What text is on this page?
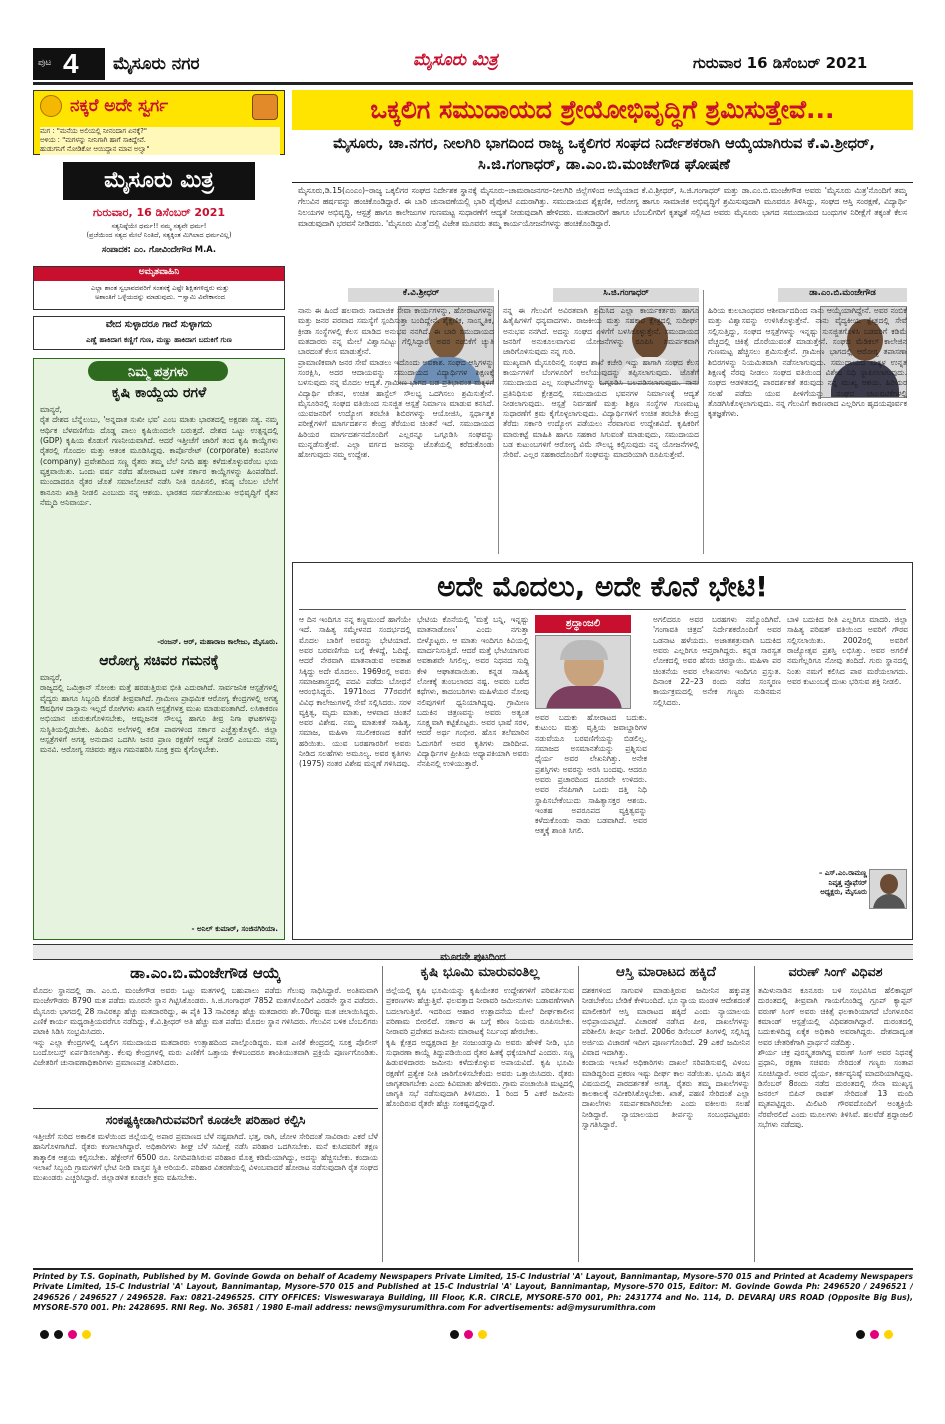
ಪುಟ 4 ಮೈಸೂರು ನಗರ	ಮೈಸೂರು ಮಿತ್ರ	ಗುರುವಾರ 16 ಡಿಸೆಂಬರ್ 2021
ನಕ್ಕರೆ ಅದೇ ಸ್ವರ್ಗ
ಮಗ : "ಮನೆಯ ಅಲಿಯಲ್ಲಿ ನೀನಂದಾಗ ಏನಕ್ಕೆ?"
ಅಳಿಯ : "ಮಗಳನ್ನು ನೀನಿಗಾಗಿ ಹಾಗೆ ಸಾಕಿದ್ದೇವೆ.
ಹುಡುಗನಿಗೆ ನೋಡಿಕೋ ಆಯಿದ್ದಾನ ಮಾವ ಅಲ್ವಾ"
ಮೈಸೂರು ಮಿತ್ರ
ಗುರುವಾರ, 16 ಡಿಸೆಂಬರ್ 2021
ಸತ್ಯನಿಷ್ಠೆಯೇ ಧರ್ಮ!! ನಮ್ಮ ಸತ್ಯವೇ ಧರ್ಮ!
(ಪ್ರಜೆಯಿಂದ ಸತ್ಯದ ಮೇಲೆ ನಿಂತಿದೆ, ಸತ್ಯಕ್ಕಿಂತ ಮಿಗಿಲಾದ ಧರ್ಮವಿಲ್ಲ)
ಸಂಪಾದಕ: ಎಂ. ಗೋವಿಂದೇಗೌಡ M.A.
ಅಮೃತವಾಹಿನಿ
ಎಲ್ಲಾ ಶಾಂತ ಸ್ವಭಾವದವರಿಗೆ ಸಂತಸಕ್ಕೆ ಎಷ್ಟೇ ಶಿಕ್ಷಿತಗಳಿದ್ದರು ಮತ್ತು
ಅಶಾಂತಿಗೆ ಒಳ್ಳೆಯದನ್ನು ಮಾಡುವುದು. ~ಸ್ವಾಮಿ ವಿವೇಕಾನಂದ
ವೇದ ಸುಳ್ಳಾದರೂ ಗಾದೆ ಸುಳ್ಳಾಗದು
ಎಣ್ಣೆ ಹಾಕಿದಾಗ ಕಣ್ಣಿಗೆ ಗುಣ, ಮಣ್ಣು ಹಾಕಿದಾಗ ಬದುಕಿಗೆ ಗುಣ
ನಿಮ್ಮ ಪತ್ರಗಳು
ಕೃಷಿ ಕಾಯ್ದೆಯ ರಗಳೆ
ಮಾನ್ಯರೆ,
ರೈತ ದೇಶದ ಬೆನ್ನೆಲುಬು, 'ಅನ್ನದಾತ ಸುಖೀ ಭವ' ಎಂಬ ಮಾತು ಭಾರತದಲ್ಲಿ ಅಕ್ಷರಶಃ ಸತ್ಯ. ನಮ್ಮ ಆರ್ಥಿಕ ಬೆಳವಣಿಗೆಯ ದೊಡ್ಡ ಪಾಲು ಕೃಷಿಯಿಂದಲೇ ಬರುತ್ತದೆ. ದೇಶದ ಒಟ್ಟು ಉತ್ಪನ್ನದಲ್ಲಿ (GDP) ಕೃಷಿಯ ಕೊಡುಗೆ ಗಣನೀಯವಾಗಿದೆ. ಆದರೆ ಇತ್ತೀಚೆಗೆ ಜಾರಿಗೆ ತಂದ ಕೃಷಿ ಕಾಯ್ದೆಗಳು ರೈತರಲ್ಲಿ ಗೊಂದಲ ಮತ್ತು ಆತಂಕ ಮೂಡಿಸಿದ್ದವು. ಕಾರ್ಪೊರೇಟ್ (corporate) ಕಂಪನಿಗಳ (company) ಪ್ರವೇಶದಿಂದ ಸಣ್ಣ ರೈತರು ತಮ್ಮ ಬೆಲೆ ನಿಗದಿ ಹಕ್ಕು ಕಳೆದುಕೊಳ್ಳುವರೆಂಬ ಭಯ ವ್ಯಕ್ತವಾಯಿತು. ಒಂದು ವರ್ಷ ನಡೆದ ಹೋರಾಟದ ಬಳಿಕ ಸರ್ಕಾರ ಕಾಯ್ದೆಗಳನ್ನು ಹಿಂಪಡೆದಿದೆ. ಮುಂದಾದರೂ ರೈತರ ಜೊತೆ ಸಮಾಲೋಚನೆ ನಡೆಸಿ ನೀತಿ ರೂಪಿಸಲಿ, ಕನಿಷ್ಠ ಬೆಂಬಲ ಬೆಲೆಗೆ ಕಾನೂನು ಖಾತ್ರಿ ನೀಡಲಿ ಎಂಬುದು ನನ್ನ ಆಶಯ. ಭಾರತದ ಸರ್ವತೋಮುಖ ಅಭಿವೃದ್ಧಿಗೆ ರೈತನ ನೆಮ್ಮದಿ ಅನಿವಾರ್ಯ.
-ರಂಜನ್. ಆರ್, ಮಹಾರಾಜ ಕಾಲೇಜು, ಮೈಸೂರು.
ಆರೋಗ್ಯ ಸಚಿವರ ಗಮನಕ್ಕೆ
ಮಾನ್ಯರೆ,
ರಾಜ್ಯದಲ್ಲಿ ಒಮಿಕ್ರಾನ್ ಸೋಂಕು ಮತ್ತೆ ಹರಡುತ್ತಿರುವ ಭೀತಿ ಎದುರಾಗಿದೆ. ಸಾರ್ವಜನಿಕ ಆಸ್ಪತ್ರೆಗಳಲ್ಲಿ ವೈದ್ಯರು ಹಾಗೂ ಸಿಬ್ಬಂದಿ ಕೊರತೆ ತೀವ್ರವಾಗಿದೆ. ಗ್ರಾಮೀಣ ಪ್ರಾಥಮಿಕ ಆರೋಗ್ಯ ಕೇಂದ್ರಗಳಲ್ಲಿ ಅಗತ್ಯ ಔಷಧಿಗಳ ದಾಸ್ತಾನು ಇಲ್ಲದೆ ರೋಗಿಗಳು ಖಾಸಗಿ ಆಸ್ಪತ್ರೆಗಳತ್ತ ಮುಖ ಮಾಡುವಂತಾಗಿದೆ. ಲಸಿಕಾಕರಣ ಅಭಿಯಾನ ಚುರುಕುಗೊಳಿಸಬೇಕು, ಆಮ್ಲಜನಕ ಸೌಲಭ್ಯ ಹಾಗೂ ತೀವ್ರ ನಿಗಾ ಘಟಕಗಳನ್ನು ಸುಸ್ಥಿತಿಯಲ್ಲಿಡಬೇಕು. ಹಿಂದಿನ ಅಲೆಗಳಲ್ಲಿ ಕಲಿತ ಪಾಠಗಳಿಂದ ಸರ್ಕಾರ ಎಚ್ಚೆತ್ತುಕೊಳ್ಳಲಿ. ಜಿಲ್ಲಾ ಆಸ್ಪತ್ರೆಗಳಿಗೆ ಅಗತ್ಯ ಅನುದಾನ ಒದಗಿಸಿ ಜನರ ಪ್ರಾಣ ರಕ್ಷಣೆಗೆ ಆದ್ಯತೆ ನೀಡಲಿ ಎಂಬುದು ನಮ್ಮ ಮನವಿ. ಆರೋಗ್ಯ ಸಚಿವರು ತಕ್ಷಣ ಗಮನಹರಿಸಿ ಸೂಕ್ತ ಕ್ರಮ ಕೈಗೊಳ್ಳಬೇಕು.
- ಅನಿಲ್ ಕುಮಾರ್, ಸಂಜಿನಗಿರಿಯಾ.
ಒಕ್ಕಲಿಗ ಸಮುದಾಯದ ಶ್ರೇಯೋಭಿವೃದ್ಧಿಗೆ ಶ್ರಮಿಸುತ್ತೇವೆ...
ಮೈಸೂರು, ಚಾ.ನಗರ, ನೀಲಗಿರಿ ಭಾಗದಿಂದ ರಾಜ್ಯ ಒಕ್ಕಲಿಗರ ಸಂಘದ ನಿರ್ದೇಶಕರಾಗಿ ಆಯ್ಕೆಯಾಗಿರುವ ಕೆ.ವಿ.ಶ್ರೀಧರ್, ಸಿ.ಜಿ.ಗಂಗಾಧರ್, ಡಾ.ಎಂ.ಬಿ.ಮಂಜೇಗೌಡ ಘೋಷಣೆ
ಮೈಸೂರು,ಡಿ.15(ಎಂಎಂ)–ರಾಜ್ಯ ಒಕ್ಕಲಿಗರ ಸಂಘದ ನಿರ್ದೇಶಕ ಸ್ಥಾನಕ್ಕೆ ಮೈಸೂರು–ಚಾಮರಾಜನಗರ–ನೀಲಗಿರಿ ಜಿಲ್ಲೆಗಳಿಂದ ಆಯ್ಕೆಯಾದ ಕೆ.ವಿ.ಶ್ರೀಧರ್, ಸಿ.ಜಿ.ಗಂಗಾಧರ್ ಮತ್ತು ಡಾ.ಎಂ.ಬಿ.ಮಂಜೇಗೌಡ ಅವರು 'ಮೈಸೂರು ಮಿತ್ರ'ನೊಂದಿಗೆ ತಮ್ಮ ಗೆಲುವಿನ ಹರ್ಷವನ್ನು ಹಂಚಿಕೊಂಡಿದ್ದಾರೆ. ಈ ಬಾರಿ ಚುನಾವಣೆಯಲ್ಲಿ ಭಾರಿ ಪೈಪೋಟಿ ಎದುರಾಗಿತ್ತು. ಸಮುದಾಯದ ಶೈಕ್ಷಣಿಕ, ಆರೋಗ್ಯ ಹಾಗೂ ಸಾಮಾಜಿಕ ಅಭಿವೃದ್ಧಿಗೆ ಶ್ರಮಿಸುವುದಾಗಿ ಮೂವರೂ ತಿಳಿಸಿದ್ದು, ಸಂಘದ ಆಸ್ತಿ ಸಂರಕ್ಷಣೆ, ವಿದ್ಯಾರ್ಥಿ ನಿಲಯಗಳ ಅಭಿವೃದ್ಧಿ, ಆಸ್ಪತ್ರೆ ಹಾಗೂ ಕಾಲೇಜುಗಳ ಗುಣಮಟ್ಟ ಸುಧಾರಣೆಗೆ ಆದ್ಯತೆ ನೀಡುವುದಾಗಿ ಹೇಳಿದರು. ಮತದಾರರಿಗೆ ಹಾಗೂ ಬೆಂಬಲಿಗರಿಗೆ ಕೃತಜ್ಞತೆ ಸಲ್ಲಿಸಿದ ಅವರು ಮೈಸೂರು ಭಾಗದ ಸಮುದಾಯದ ಬಂಧುಗಳ ನಿರೀಕ್ಷೆಗೆ ತಕ್ಕಂತೆ ಕೆಲಸ ಮಾಡುವುದಾಗಿ ಭರವಸೆ ನೀಡಿದರು. 'ಮೈಸೂರು ಮಿತ್ರ'ದಲ್ಲಿ ವಿಜೇತ ಮೂವರು ತಮ್ಮ ಕಾರ್ಯಯೋಜನೆಗಳನ್ನು ಹಂಚಿಕೊಂಡಿದ್ದಾರೆ.
ಕೆ.ವಿ.ಶ್ರೀಧರ್
ನಾನು ಈ ಹಿಂದೆ ಹಲವಾರು ಸಾಮಾಜಿಕ ಸೇವಾ ಕಾರ್ಯಗಳನ್ನು, ಹೋರಾಟಗಳನ್ನು ಮತ್ತು ಜನರ ಪರವಾದ ಸಮಸ್ಯೆಗೆ ಸ್ಪಂದಿಸುತ್ತಾ ಬಂದಿದ್ದೇನೆ. ಶೈಕ್ಷಣಿಕ, ಸಾಂಸ್ಕೃತಿಕ, ಕ್ರೀಡಾ ಸಂಸ್ಥೆಗಳಲ್ಲಿ ಕೆಲಸ ಮಾಡಿದ ಅನುಭವ ನನಗಿದೆ. ಈ ಬಾರಿ ಸಮುದಾಯದ ಮತದಾರರು ನನ್ನ ಮೇಲೆ ವಿಶ್ವಾಸವಿಟ್ಟು ಗೆಲ್ಲಿಸಿದ್ದಾರೆ. ಅವರ ನಂಬಿಕೆಗೆ ಚ್ಯುತಿ ಬಾರದಂತೆ ಕೆಲಸ ಮಾಡುತ್ತೇನೆ.
ಪ್ರಾಮಾಣಿಕವಾಗಿ ಜನರ ಸೇವೆ ಮಾಡಲು ಇದೊಂದು ಅವಕಾಶ. ಸಂಘದ ಆಸ್ತಿಗಳನ್ನು ಸಂರಕ್ಷಿಸಿ, ಅದರ ಆದಾಯವನ್ನು ಸಮುದಾಯದ ವಿದ್ಯಾರ್ಥಿಗಳ ಶಿಕ್ಷಣಕ್ಕೆ ಬಳಸುವುದು ನನ್ನ ಮೊದಲ ಆದ್ಯತೆ. ಗ್ರಾಮೀಣ ಭಾಗದ ಬಡ ಪ್ರತಿಭಾವಂತ ಮಕ್ಕಳಿಗೆ ವಿದ್ಯಾರ್ಥಿ ವೇತನ, ಉಚಿತ ಹಾಸ್ಟೆಲ್ ಸೌಲಭ್ಯ ಒದಗಿಸಲು ಶ್ರಮಿಸುತ್ತೇನೆ. ಮೈಸೂರಿನಲ್ಲಿ ಸಂಘದ ವತಿಯಿಂದ ಸುಸಜ್ಜಿತ ಆಸ್ಪತ್ರೆ ನಿರ್ಮಾಣ ಮಾಡುವ ಕನಸಿದೆ. ಯುವಜನರಿಗೆ ಉದ್ಯೋಗ ತರಬೇತಿ ಶಿಬಿರಗಳನ್ನು ಆಯೋಜಿಸಿ, ಸ್ಪರ್ಧಾತ್ಮಕ ಪರೀಕ್ಷೆಗಳಿಗೆ ಮಾರ್ಗದರ್ಶನ ಕೇಂದ್ರ ತೆರೆಯುವ ಚಿಂತನೆ ಇದೆ. ಸಮುದಾಯದ ಹಿರಿಯರ ಮಾರ್ಗದರ್ಶನದೊಂದಿಗೆ ಎಲ್ಲರನ್ನೂ ಒಗ್ಗೂಡಿಸಿ ಸಂಘವನ್ನು ಮುನ್ನಡೆಸುತ್ತೇವೆ. ಎಲ್ಲಾ ವರ್ಗದ ಜನರನ್ನು ಜೊತೆಯಲ್ಲಿ ಕರೆದುಕೊಂಡು ಹೋಗುವುದು ನಮ್ಮ ಉದ್ದೇಶ.
ಸಿ.ಜಿ.ಗಂಗಾಧರ್
ನನ್ನ ಈ ಗೆಲುವಿಗೆ ಅವಿರತವಾಗಿ ಶ್ರಮಿಸಿದ ಎಲ್ಲಾ ಕಾರ್ಯಕರ್ತರು ಹಾಗೂ ಹಿತೈಷಿಗಳಿಗೆ ಧನ್ಯವಾದಗಳು. ರಾಜಕೀಯ ಮತ್ತು ಸಹಕಾರ ಕ್ಷೇತ್ರದಲ್ಲಿ ಸುದೀರ್ಘ ಅನುಭವ ನನಗಿದೆ. ಅದನ್ನು ಸಂಘದ ಏಳಿಗೆಗೆ ಬಳಸಿಕೊಳ್ಳುತ್ತೇನೆ. ಸಮುದಾಯದ ಜನರಿಗೆ ಅನುಕೂಲವಾಗುವ ಯೋಜನೆಗಳನ್ನು ರೂಪಿಸಿ ಸಮರ್ಪಕವಾಗಿ ಜಾರಿಗೊಳಿಸುವುದು ನನ್ನ ಗುರಿ.
ಮುಖ್ಯವಾಗಿ ಮೈಸೂರಿನಲ್ಲಿ ಸಂಘದ ಶಾಖೆ ಕಚೇರಿ ಇದ್ದು ಹಾಗಾಗಿ ಸಂಘದ ಕೆಲಸ ಕಾರ್ಯಗಳಿಗೆ ಬೆಂಗಳೂರಿಗೆ ಅಲೆಯುವುದನ್ನು ತಪ್ಪಿಸಲಾಗುವುದು. ಜೊತೆಗೆ ಸಮುದಾಯದ ಎಲ್ಲ ಸಂಘಟನೆಗಳನ್ನು ಒಗ್ಗೂಡಿಸಿ ಬಲಪಡಿಸಲಾಗುವುದು. ನಾನು ಪ್ರತಿನಿಧಿಸುವ ಕ್ಷೇತ್ರದಲ್ಲಿ ಸಮುದಾಯದ ಭವನಗಳ ನಿರ್ಮಾಣಕ್ಕೆ ಆದ್ಯತೆ ನೀಡಲಾಗುವುದು. ಆಸ್ಪತ್ರೆ ನಿರ್ವಹಣೆ ಮತ್ತು ಶಿಕ್ಷಣ ಸಂಸ್ಥೆಗಳ ಗುಣಮಟ್ಟ ಸುಧಾರಣೆಗೆ ಕ್ರಮ ಕೈಗೊಳ್ಳಲಾಗುವುದು. ವಿದ್ಯಾರ್ಥಿಗಳಿಗೆ ಉಚಿತ ತರಬೇತಿ ಕೇಂದ್ರ ತೆರೆದು ಸರ್ಕಾರಿ ಉದ್ಯೋಗ ಪಡೆಯಲು ನೆರವಾಗುವ ಉದ್ದೇಶವಿದೆ. ಕೃಷಿಕರಿಗೆ ಮಾರುಕಟ್ಟೆ ಮಾಹಿತಿ ಹಾಗೂ ಸಹಕಾರ ಸಿಗುವಂತೆ ಮಾಡುವುದು, ಸಮುದಾಯದ ಬಡ ಕುಟುಂಬಗಳಿಗೆ ಆರೋಗ್ಯ ವಿಮೆ ಸೌಲಭ್ಯ ಕಲ್ಪಿಸುವುದು ನನ್ನ ಯೋಜನೆಗಳಲ್ಲಿ ಸೇರಿವೆ. ಎಲ್ಲರ ಸಹಕಾರದೊಂದಿಗೆ ಸಂಘವನ್ನು ಮಾದರಿಯಾಗಿ ರೂಪಿಸುತ್ತೇವೆ.
ಡಾ.ಎಂ.ಬಿ.ಮಂಜೇಗೌಡ
ಹಿರಿಯ ಕುಲಬಾಂಧವರ ಆಶೀರ್ವಾದದಿಂದ ನಾನು ಆಯ್ಕೆಯಾಗಿದ್ದೇನೆ. ಅವರ ನಂಬಿಕೆ ಮತ್ತು ವಿಶ್ವಾಸವನ್ನು ಉಳಿಸಿಕೊಳ್ಳುತ್ತೇನೆ. ನಾನು ವೈದ್ಯಕೀಯ ಕ್ಷೇತ್ರದಲ್ಲಿ ಸೇವೆ ಸಲ್ಲಿಸುತ್ತಿದ್ದು, ಸಂಘದ ಆಸ್ಪತ್ರೆಗಳನ್ನು ಇನ್ನಷ್ಟು ಸುಸಜ್ಜಿತಗೊಳಿಸಿ ಬಡವರಿಗೆ ಕಡಿಮೆ ವೆಚ್ಚದಲ್ಲಿ ಚಿಕಿತ್ಸೆ ದೊರೆಯುವಂತೆ ಮಾಡುತ್ತೇನೆ. ಸಂಘದ ಮೆಡಿಕಲ್ ಕಾಲೇಜಿನ ಗುಣಮಟ್ಟ ಹೆಚ್ಚಿಸಲು ಶ್ರಮಿಸುತ್ತೇನೆ. ಗ್ರಾಮೀಣ ಭಾಗದಲ್ಲಿ ಆರೋಗ್ಯ ತಪಾಸಣಾ ಶಿಬಿರಗಳನ್ನು ನಿಯಮಿತವಾಗಿ ನಡೆಸಲಾಗುವುದು. ಸಮುದಾಯದ ಮಕ್ಕಳ ಉನ್ನತ ಶಿಕ್ಷಣಕ್ಕೆ ನೆರವು ನೀಡಲು ಸಂಘದ ವತಿಯಿಂದ ವಿಶೇಷ ನಿಧಿ ಸ್ಥಾಪಿಸಲಾಗುವುದು. ಸಂಘದ ಆಡಳಿತದಲ್ಲಿ ಪಾರದರ್ಶಕತೆ ತರುವುದು ನನ್ನ ಮುಖ್ಯ ಆಶಯ. ಹಿರಿಯರ ಸಲಹೆ ಪಡೆದು ಯುವ ಪೀಳಿಗೆಯನ್ನು ಸಂಘದ ಚಟುವಟಿಕೆಗಳಲ್ಲಿ ತೊಡಗಿಸಿಕೊಳ್ಳಲಾಗುವುದು. ನನ್ನ ಗೆಲುವಿಗೆ ಕಾರಣರಾದ ಎಲ್ಲರಿಗೂ ಹೃದಯಪೂರ್ವಕ ಕೃತಜ್ಞತೆಗಳು.
ಅದೇ ಮೊದಲು, ಅದೇ ಕೊನೆ ಭೇಟಿ!
ಆ ದಿನ ಇಂದಿಗೂ ನನ್ನ ಕಣ್ಣಮುಂದೆ ಹಾಗೆಯೇ ಇದೆ. ಸಾಹಿತ್ಯ ಸಮ್ಮೇಳನದ ಸಂದರ್ಭದಲ್ಲಿ ಮೊದಲ ಬಾರಿಗೆ ಅವರನ್ನು ಭೇಟಿಯಾದೆ. ಅವರ ಬರವಣಿಗೆಯ ಬಗ್ಗೆ ಕೇಳಿದ್ದೆ, ಓದಿದ್ದೆ. ಆದರೆ ನೇರವಾಗಿ ಮಾತನಾಡುವ ಅವಕಾಶ ಸಿಕ್ಕಿದ್ದು ಅದೇ ಮೊದಲು. 1969ರಲ್ಲಿ ಅವರು ಸಮಾಜಶಾಸ್ತ್ರದಲ್ಲಿ ಪದವಿ ಪಡೆದು ಬೋಧನೆ ಆರಂಭಿಸಿದ್ದರು. 1971ರಿಂದ 77ರವರೆಗೆ ವಿವಿಧ ಕಾಲೇಜುಗಳಲ್ಲಿ ಸೇವೆ ಸಲ್ಲಿಸಿದರು. ಸರಳ ವ್ಯಕ್ತಿತ್ವ, ಮೃದು ಮಾತು, ಆಳವಾದ ಚಿಂತನೆ ಅವರ ವಿಶೇಷ. ನಮ್ಮ ಮಾತುಕತೆ ಸಾಹಿತ್ಯ, ಸಮಾಜ, ಮಹಿಳಾ ಸಬಲೀಕರಣದ ಕಡೆಗೆ ಹರಿಯಿತು. ಯುವ ಬರಹಗಾರರಿಗೆ ಅವರು ನೀಡಿದ ಸಲಹೆಗಳು ಅಮೂಲ್ಯ. ಅವರ ಕೃತಿಗಳು (1975) ನಂತರ ವಿಶೇಷ ಮನ್ನಣೆ ಗಳಿಸಿದವು.
ಭೇಟಿಯ ಕೊನೆಯಲ್ಲಿ 'ಮತ್ತೆ ಬನ್ನಿ, ಇನ್ನಷ್ಟು ಮಾತನಾಡೋಣ' ಎಂದು ನಗುತ್ತಾ ಬೀಳ್ಕೊಟ್ಟರು. ಆ ಮಾತು ಇಂದಿಗೂ ಕಿವಿಯಲ್ಲಿ ಮಾರ್ದನಿಸುತ್ತಿದೆ. ಆದರೆ ಮತ್ತೆ ಭೇಟಿಯಾಗುವ ಅವಕಾಶವೇ ಸಿಗಲಿಲ್ಲ. ಅವರ ನಿಧನದ ಸುದ್ದಿ ಕೇಳಿ ಆಘಾತವಾಯಿತು. ಕನ್ನಡ ಸಾಹಿತ್ಯ ಲೋಕಕ್ಕೆ ತುಂಬಲಾರದ ನಷ್ಟ. ಅವರು ಬರೆದ ಕಥೆಗಳು, ಕಾದಂಬರಿಗಳು ಮಹಿಳೆಯರ ನೋವು ನಲಿವುಗಳಿಗೆ ಧ್ವನಿಯಾಗಿದ್ದವು. ಗ್ರಾಮೀಣ ಬದುಕಿನ ಚಿತ್ರಣವನ್ನು ಅವರು ಅತ್ಯಂತ ಸೂಕ್ಷ್ಮವಾಗಿ ಕಟ್ಟಿಕೊಟ್ಟರು. ಅವರ ಭಾಷೆ ಸರಳ, ಆದರೆ ಅರ್ಥ ಗಂಭೀರ. ಹೊಸ ತಲೆಮಾರಿನ ಓದುಗರಿಗೆ ಅವರ ಕೃತಿಗಳು ದಾರಿದೀಪ. ವಿದ್ಯಾರ್ಥಿಗಳ ಪ್ರೀತಿಯ ಅಧ್ಯಾಪಕಿಯಾಗಿ ಅವರು ನೆನಪಿನಲ್ಲಿ ಉಳಿಯುತ್ತಾರೆ.
ಶ್ರದ್ಧಾಂಜಲಿ
ಅವರ ಬದುಕು ಹೋರಾಟದ ಬದುಕು. ಕುಟುಂಬ ಮತ್ತು ವೃತ್ತಿಯ ಜವಾಬ್ದಾರಿಗಳ ನಡುವೆಯೂ ಬರವಣಿಗೆಯನ್ನು ಬಿಡಲಿಲ್ಲ. ಸಮಾಜದ ಅಸಮಾನತೆಯನ್ನು ಪ್ರಶ್ನಿಸುವ ಧೈರ್ಯ ಅವರ ಲೇಖನಿಗಿತ್ತು. ಅನೇಕ ಪ್ರಶಸ್ತಿಗಳು ಅವರನ್ನು ಅರಸಿ ಬಂದವು. ಆದರೂ ಅವರು ಪ್ರಚಾರದಿಂದ ದೂರವೇ ಉಳಿದರು. ಅವರ ನೆನಪಿಗಾಗಿ ಒಂದು ದತ್ತಿ ನಿಧಿ ಸ್ಥಾಪಿಸಬೇಕೆಂಬುದು ಸಾಹಿತ್ಯಾಸಕ್ತರ ಆಶಯ. ಇಂತಹ ಅಪರೂಪದ ವ್ಯಕ್ತಿತ್ವವನ್ನು ಕಳೆದುಕೊಂಡು ನಾಡು ಬಡವಾಗಿದೆ. ಅವರ ಆತ್ಮಕ್ಕೆ ಶಾಂತಿ ಸಿಗಲಿ.
ಅಗಲಿದರೂ ಅವರ ಬರಹಗಳು ನಮ್ಮೊಂದಿಗಿವೆ. 'ಗಂಗಾವತಿ ಚಿತ್ರದ' ನಿರ್ದೇಶಕರೊಂದಿಗೆ ಅವರ ಒಡನಾಟ ಹಳೆಯದು. ಅಜಾತಶತ್ರುವಾಗಿ ಬದುಕಿದ ಅವರು ಎಲ್ಲರಿಗೂ ಆಪ್ತರಾಗಿದ್ದರು. ಕನ್ನಡ ಸಾರಸ್ವತ ಲೋಕದಲ್ಲಿ ಅವರ ಹೆಸರು ಚಿರಸ್ಥಾಯಿ. ಮಹಿಳಾ ಪರ ಚಿಂತನೆಯ ಅವರ ಲೇಖನಗಳು ಇಂದಿಗೂ ಪ್ರಸ್ತುತ. ದಿನಾಂಕ 22–23 ರಂದು ನಡೆದ ಸಂಸ್ಮರಣ ಕಾರ್ಯಕ್ರಮದಲ್ಲಿ ಅನೇಕ ಗಣ್ಯರು ನುಡಿನಮನ ಸಲ್ಲಿಸಿದರು.
ಬಾಳಿ ಬದುಕಿದ ರೀತಿ ಎಲ್ಲರಿಗೂ ಮಾದರಿ. ಜಿಲ್ಲಾ ಸಾಹಿತ್ಯ ಪರಿಷತ್ ವತಿಯಿಂದ ಅವರಿಗೆ ಗೌರವ ಸಲ್ಲಿಸಲಾಯಿತು. 2002ರಲ್ಲಿ ಅವರಿಗೆ ರಾಜ್ಯೋತ್ಸವ ಪ್ರಶಸ್ತಿ ಲಭಿಸಿತ್ತು. ಅವರ ಅಗಲಿಕೆ ನಮಗೆಲ್ಲರಿಗೂ ನೋವು ತಂದಿದೆ. ಗುರು ಸ್ಥಾನದಲ್ಲಿ ನಿಂತು ನಮಗೆ ಕಲಿಸಿದ ಪಾಠ ಮರೆಯಲಾಗದು. ಅವರ ಕುಟುಂಬಕ್ಕೆ ದುಃಖ ಭರಿಸುವ ಶಕ್ತಿ ನೀಡಲಿ.
– ಎಸ್.ಎಂ.ರಾಮಣ್ಣ
ನಿವೃತ್ತ ಪ್ರೊಫೆಸರ್
ಅಧ್ಯಕ್ಷರು, ಮೈಸೂರು
ಮೂರನೇ ಪುಟದಿಂದ
ಡಾ.ಎಂ.ಬಿ.ಮಂಜೇಗೌಡ ಆಯ್ಕೆ
ಮೊದಲ ಸ್ಥಾನದಲ್ಲಿ ಡಾ. ಎಂ.ಬಿ. ಮಂಜೇಗೌಡ ಅವರು ಒಟ್ಟು ಮತಗಳಲ್ಲಿ ಬಹುಪಾಲು ಪಡೆದು ಗೆಲುವು ಸಾಧಿಸಿದ್ದಾರೆ. ಅಂತಿಮವಾಗಿ ಮಂಜೇಗೌಡರು 8790 ಮತ ಪಡೆದು ಮೂರನೇ ಸ್ಥಾನ ಗಿಟ್ಟಿಸಿಕೊಂಡರು. ಸಿ.ಜಿ.ಗಂಗಾಧರ್ 7852 ಮತಗಳೊಂದಿಗೆ ಎರಡನೇ ಸ್ಥಾನ ಪಡೆದರು. ಮೈಸೂರು ಭಾಗದಲ್ಲಿ 28 ಸಾವಿರಕ್ಕೂ ಹೆಚ್ಚು ಮತದಾರರಿದ್ದು, ಈ ಪೈಕಿ 13 ಸಾವಿರಕ್ಕೂ ಹೆಚ್ಚು ಮತದಾರರು ಶೇ.70ರಷ್ಟು ಮತ ಚಲಾಯಿಸಿದ್ದರು. ಎಣಿಕೆ ಕಾರ್ಯ ಮಧ್ಯರಾತ್ರಿಯವರೆಗೂ ನಡೆದಿದ್ದು, ಕೆ.ವಿ.ಶ್ರೀಧರ್ ಅತಿ ಹೆಚ್ಚು ಮತ ಪಡೆದು ಮೊದಲ ಸ್ಥಾನ ಗಳಿಸಿದರು. ಗೆಲುವಿನ ಬಳಿಕ ಬೆಂಬಲಿಗರು ಪಟಾಕಿ ಸಿಡಿಸಿ ಸಂಭ್ರಮಿಸಿದರು.
ಇನ್ನು ಎಲ್ಲಾ ಕೇಂದ್ರಗಳಲ್ಲಿ ಒಕ್ಕಲಿಗ ಸಮುದಾಯದ ಮತದಾರರು ಉತ್ಸಾಹದಿಂದ ಪಾಲ್ಗೊಂಡಿದ್ದರು. ಮತ ಎಣಿಕೆ ಕೇಂದ್ರದಲ್ಲಿ ಸೂಕ್ತ ಪೊಲೀಸ್ ಬಂದೋಬಸ್ತ್ ಏರ್ಪಡಿಸಲಾಗಿತ್ತು. ಕೆಲವು ಕೇಂದ್ರಗಳಲ್ಲಿ ಮರು ಎಣಿಕೆಗೆ ಒತ್ತಾಯ ಕೇಳಿಬಂದರೂ ಶಾಂತಿಯುತವಾಗಿ ಪ್ರಕ್ರಿಯೆ ಪೂರ್ಣಗೊಂಡಿತು. ವಿಜೇತರಿಗೆ ಚುನಾವಣಾಧಿಕಾರಿಗಳು ಪ್ರಮಾಣಪತ್ರ ವಿತರಿಸಿದರು.
ಸಂಕಷ್ಟಕ್ಕೀಡಾಗಿರುವವರಿಗೆ ಕೂಡಲೇ ಪರಿಹಾರ ಕಲ್ಪಿಸಿ
ಇತ್ತೀಚೆಗೆ ಸುರಿದ ಅಕಾಲಿಕ ಮಳೆಯಿಂದ ಜಿಲ್ಲೆಯಲ್ಲಿ ಅಪಾರ ಪ್ರಮಾಣದ ಬೆಳೆ ನಷ್ಟವಾಗಿದೆ. ಭತ್ತ, ರಾಗಿ, ಜೋಳ ಸೇರಿದಂತೆ ಸಾವಿರಾರು ಎಕರೆ ಬೆಳೆ ಹಾನಿಗೊಳಗಾಗಿದೆ. ರೈತರು ಕಂಗಾಲಾಗಿದ್ದಾರೆ. ಅಧಿಕಾರಿಗಳು ಶೀಘ್ರ ಬೆಳೆ ಸಮೀಕ್ಷೆ ನಡೆಸಿ ಪರಿಹಾರ ಒದಗಿಸಬೇಕು. ಮನೆ ಕುಸಿದವರಿಗೆ ತಕ್ಷಣ ತಾತ್ಕಾಲಿಕ ಆಶ್ರಯ ಕಲ್ಪಿಸಬೇಕು. ಹೆಕ್ಟೇರ್‌ಗೆ 6500 ರೂ. ನಿಗದಿಪಡಿಸಿರುವ ಪರಿಹಾರ ಮೊತ್ತ ಕಡಿಮೆಯಾಗಿದ್ದು, ಅದನ್ನು ಹೆಚ್ಚಿಸಬೇಕು. ಕಂದಾಯ ಇಲಾಖೆ ಸಿಬ್ಬಂದಿ ಗ್ರಾಮಗಳಿಗೆ ಭೇಟಿ ನೀಡಿ ವಾಸ್ತವ ಸ್ಥಿತಿ ಅರಿಯಲಿ. ಪರಿಹಾರ ವಿತರಣೆಯಲ್ಲಿ ವಿಳಂಬವಾದರೆ ಹೋರಾಟ ನಡೆಸುವುದಾಗಿ ರೈತ ಸಂಘದ ಮುಖಂಡರು ಎಚ್ಚರಿಸಿದ್ದಾರೆ. ಜಿಲ್ಲಾಡಳಿತ ಕೂಡಲೇ ಕ್ರಮ ವಹಿಸಬೇಕು.
ಕೃಷಿ ಭೂಮಿ ಮಾರುವಂತಿಲ್ಲ
ಜಿಲ್ಲೆಯಲ್ಲಿ ಕೃಷಿ ಭೂಮಿಯನ್ನು ಕೃಷಿಯೇತರ ಉದ್ದೇಶಗಳಿಗೆ ಪರಿವರ್ತಿಸುವ ಪ್ರಕರಣಗಳು ಹೆಚ್ಚುತ್ತಿವೆ. ಫಲವತ್ತಾದ ನೀರಾವರಿ ಜಮೀನುಗಳು ಬಡಾವಣೆಗಳಾಗಿ ಬದಲಾಗುತ್ತಿವೆ. ಇದರಿಂದ ಆಹಾರ ಉತ್ಪಾದನೆಯ ಮೇಲೆ ದೀರ್ಘಕಾಲೀನ ಪರಿಣಾಮ ಬೀರಲಿದೆ. ಸರ್ಕಾರ ಈ ಬಗ್ಗೆ ಕಠಿಣ ನಿಯಮ ರೂಪಿಸಬೇಕು. ನೀರಾವರಿ ಪ್ರದೇಶದ ಜಮೀನು ಮಾರಾಟಕ್ಕೆ ನಿರ್ಬಂಧ ಹೇರಬೇಕು.
ಕೃಷಿ ಕ್ಷೇತ್ರದ ಅಧ್ಯಕ್ಷರಾದ ಶ್ರೀ ನಂಜುಂಡಸ್ವಾಮಿ ಅವರು ಹೇಳಿಕೆ ನೀಡಿ, ಭೂ ಸುಧಾರಣಾ ಕಾಯ್ದೆ ತಿದ್ದುಪಡಿಯಿಂದ ರೈತರ ಹಿತಕ್ಕೆ ಧಕ್ಕೆಯಾಗಿದೆ ಎಂದರು. ಸಣ್ಣ ಹಿಡುವಳಿದಾರರು ಜಮೀನು ಕಳೆದುಕೊಳ್ಳುವ ಅಪಾಯವಿದೆ. ಕೃಷಿ ಭೂಮಿ ರಕ್ಷಣೆಗೆ ಪ್ರತ್ಯೇಕ ನೀತಿ ಜಾರಿಗೊಳಿಸಬೇಕೆಂದು ಅವರು ಒತ್ತಾಯಿಸಿದರು. ರೈತರು ಜಾಗೃತರಾಗಬೇಕು ಎಂದು ಕಿವಿಮಾತು ಹೇಳಿದರು. ಗ್ರಾಮ ಪಂಚಾಯಿತಿ ಮಟ್ಟದಲ್ಲಿ ಜಾಗೃತಿ ಸಭೆ ನಡೆಸುವುದಾಗಿ ತಿಳಿಸಿದರು. 1 ರಿಂದ 5 ಎಕರೆ ಜಮೀನು ಹೊಂದಿರುವ ರೈತರೇ ಹೆಚ್ಚು ಸಂಕಷ್ಟದಲ್ಲಿದ್ದಾರೆ.
ಆಸ್ತಿ ಮಾರಾಟದ ಹಕ್ಕಿದೆ
ದಶಕಗಳಿಂದ ಸಾಗುವಳಿ ಮಾಡುತ್ತಿರುವ ಜಮೀನಿನ ಹಕ್ಕುಪತ್ರ ನೀಡಬೇಕೆಂಬ ಬೇಡಿಕೆ ಕೇಳಿಬಂದಿದೆ. ಭೂ ನ್ಯಾಯ ಮಂಡಳಿ ಆದೇಶದಂತೆ ಮಾಲೀಕರಿಗೆ ಆಸ್ತಿ ಮಾರಾಟದ ಹಕ್ಕಿದೆ ಎಂದು ನ್ಯಾಯಾಲಯ ಅಭಿಪ್ರಾಯಪಟ್ಟಿದೆ. ವಿಚಾರಣೆ ನಡೆಸಿದ ಪೀಠ, ದಾಖಲೆಗಳನ್ನು ಪರಿಶೀಲಿಸಿ ತೀರ್ಪು ನೀಡಿದೆ. 2006ರ ಡಿಸೆಂಬರ್ ತಿಂಗಳಲ್ಲಿ ಸಲ್ಲಿಸಿದ್ದ ಅರ್ಜಿಯ ವಿಚಾರಣೆ ಇದೀಗ ಪೂರ್ಣಗೊಂಡಿದೆ. 29 ಎಕರೆ ಜಮೀನಿನ ವಿವಾದ ಇದಾಗಿತ್ತು.
ಕಂದಾಯ ಇಲಾಖೆ ಅಧಿಕಾರಿಗಳು ದಾಖಲೆ ಸರಿಪಡಿಸುವಲ್ಲಿ ವಿಳಂಬ ಮಾಡಿದ್ದರಿಂದ ಪ್ರಕರಣ ಇಷ್ಟು ದೀರ್ಘ ಕಾಲ ನಡೆಯಿತು. ಭೂಮಿ ಹಕ್ಕಿನ ವಿಷಯದಲ್ಲಿ ಪಾರದರ್ಶಕತೆ ಅಗತ್ಯ. ರೈತರು ತಮ್ಮ ದಾಖಲೆಗಳನ್ನು ಕಾಲಕಾಲಕ್ಕೆ ನವೀಕರಿಸಿಕೊಳ್ಳಬೇಕು. ಖಾತೆ, ಪಹಣಿ ಸೇರಿದಂತೆ ಎಲ್ಲಾ ದಾಖಲೆಗಳು ಸಮರ್ಪಕವಾಗಿರಬೇಕು ಎಂದು ವಕೀಲರು ಸಲಹೆ ನೀಡಿದ್ದಾರೆ. ನ್ಯಾಯಾಲಯದ ತೀರ್ಪನ್ನು ಸಂಬಂಧಪಟ್ಟವರು ಸ್ವಾಗತಿಸಿದ್ದಾರೆ.
ವರುಣ್ ಸಿಂಗ್ ವಿಧಿವಶ
ತಮಿಳುನಾಡಿನ ಕೂನೂರು ಬಳಿ ಸಂಭವಿಸಿದ ಹೆಲಿಕಾಪ್ಟರ್ ದುರಂತದಲ್ಲಿ ತೀವ್ರವಾಗಿ ಗಾಯಗೊಂಡಿದ್ದ ಗ್ರೂಪ್ ಕ್ಯಾಪ್ಟನ್ ವರುಣ್ ಸಿಂಗ್ ಅವರು ಚಿಕಿತ್ಸೆ ಫಲಕಾರಿಯಾಗದೆ ಬೆಂಗಳೂರಿನ ಕಮಾಂಡ್ ಆಸ್ಪತ್ರೆಯಲ್ಲಿ ವಿಧಿವಶರಾಗಿದ್ದಾರೆ. ದುರಂತದಲ್ಲಿ ಬದುಕುಳಿದಿದ್ದ ಏಕೈಕ ಅಧಿಕಾರಿ ಅವರಾಗಿದ್ದರು. ದೇಶದಾದ್ಯಂತ ಅವರ ಚೇತರಿಕೆಗಾಗಿ ಪ್ರಾರ್ಥನೆ ನಡೆದಿತ್ತು.
ಶೌರ್ಯ ಚಕ್ರ ಪುರಸ್ಕೃತರಾಗಿದ್ದ ವರುಣ್ ಸಿಂಗ್ ಅವರ ನಿಧನಕ್ಕೆ ಪ್ರಧಾನಿ, ರಕ್ಷಣಾ ಸಚಿವರು ಸೇರಿದಂತೆ ಗಣ್ಯರು ಸಂತಾಪ ಸೂಚಿಸಿದ್ದಾರೆ. ಅವರ ಧೈರ್ಯ, ಕರ್ತವ್ಯನಿಷ್ಠೆ ಮಾದರಿಯಾಗಿದ್ದವು. ಡಿಸೆಂಬರ್ 8ರಂದು ನಡೆದ ದುರಂತದಲ್ಲಿ ಸೇನಾ ಮುಖ್ಯಸ್ಥ ಜನರಲ್ ಬಿಪಿನ್ ರಾವತ್ ಸೇರಿದಂತೆ 13 ಮಂದಿ ಮೃತಪಟ್ಟಿದ್ದರು. ಮಿಲಿಟರಿ ಗೌರವದೊಂದಿಗೆ ಅಂತ್ಯಕ್ರಿಯೆ ನೆರವೇರಲಿದೆ ಎಂದು ಮೂಲಗಳು ತಿಳಿಸಿವೆ. ಹಲವೆಡೆ ಶ್ರದ್ಧಾಂಜಲಿ ಸಭೆಗಳು ನಡೆದವು.
Printed by T.S. Gopinath, Published by M. Govinde Gowda on behalf of Academy Newspapers Private Limited, 15-C Industrial 'A' Layout, Bannimantap, Mysore-570 015 and Printed at Academy Newspapers Private Limited, 15-C Industrial 'A' Layout, Bannimantap, Mysore-570 015 and Published at 15-C Industrial 'A' Layout, Bannimantap, Mysore-570 015, Editor: M. Govinde Gowda Ph: 2496520 / 2496521 / 2496526 / 2496527 / 2496528. Fax: 0821-2496525. CITY OFFICES: Visweswaraya Building, III Floor, K.R. CIRCLE, MYSORE-570 001, Ph: 2431774 and No. 114, D. DEVARAJ URS ROAD (Opposite Big Bus), MYSORE-570 001. Ph: 2428695. RNI Reg. No. 36581 / 1980 E-mail address: news@mysurumithra.com For advertisements: ad@mysurumithra.com
